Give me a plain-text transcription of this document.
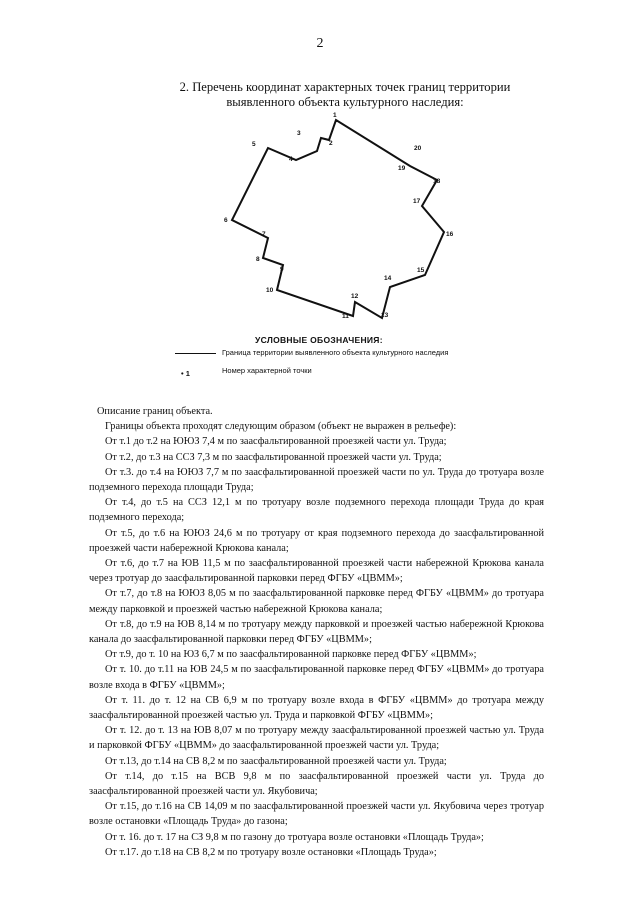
2
2. Перечень координат характерных точек границ территории
выявленного объекта культурного наследия:
1
2
3
4
5
6
7
8
9
10
11
12
13
14
15
16
17
18
19
20
УСЛОВНЫЕ ОБОЗНАЧЕНИЯ:
Граница территории выявленного объекта культурного наследия
• 1	Номер характерной точки

Описание границ объекта.

Границы объекта проходят следующим образом (объект не выражен в рельефе):

От т.1 до т.2 на ЮЮЗ 7,4 м по заасфальтированной проезжей части ул. Труда;

От т.2, до т.3 на ССЗ 7,3 м по заасфальтированной проезжей части ул. Труда;

От т.3. до т.4 на ЮЮЗ 7,7 м по заасфальтированной проезжей части по ул. Труда до тротуара возле подземного перехода площади Труда;

От т.4, до т.5 на ССЗ 12,1 м по тротуару возле подземного перехода площади Труда до края подземного перехода;

От т.5, до т.6 на ЮЮЗ 24,6 м по тротуару от края подземного перехода до заасфальтированной проезжей части набережной Крюкова канала;

От т.6, до т.7 на ЮВ 11,5 м по заасфальтированной проезжей части набережной Крюкова канала через тротуар до заасфальтированной парковки перед ФГБУ «ЦВММ»;

От т.7, до т.8 на ЮЮЗ 8,05 м по заасфальтированной парковке перед ФГБУ «ЦВММ» до тротуара между парковкой и проезжей частью набережной Крюкова канала;

От т.8, до т.9 на ЮВ 8,14 м по тротуару между парковкой и проезжей частью набережной Крюкова канала до заасфальтированной парковки перед ФГБУ «ЦВММ»;

От т.9, до т. 10 на ЮЗ 6,7 м по заасфальтированной парковке перед ФГБУ «ЦВММ»;

От т. 10. до т.11 на ЮВ 24,5 м по заасфальтированной парковке перед ФГБУ «ЦВММ» до тротуара возле входа в ФГБУ «ЦВММ»;

От т. 11. до т. 12 на СВ 6,9 м по тротуару возле входа в ФГБУ «ЦВММ» до тротуара между заасфальтированной проезжей частью ул. Труда и парковкой ФГБУ «ЦВММ»;

От т. 12. до т. 13 на ЮВ 8,07 м по тротуару между заасфальтированной проезжей частью ул. Труда и парковкой ФГБУ «ЦВММ» до заасфальтированной проезжей части ул. Труда;

От т.13, до т.14 на СВ 8,2 м по заасфальтированной проезжей части ул. Труда;

От т.14, до т.15 на ВСВ 9,8 м по заасфальтированной проезжей части ул. Труда до заасфальтированной проезжей части ул. Якубовича;

От т.15, до т.16 на СВ 14,09 м по заасфальтированной проезжей части ул. Якубовича через тротуар возле остановки «Площадь Труда» до газона;

От т. 16. до т. 17 на СЗ 9,8 м по газону до тротуара возле остановки «Площадь Труда»;

От т.17. до т.18 на СВ 8,2 м по тротуару возле остановки «Площадь Труда»;
